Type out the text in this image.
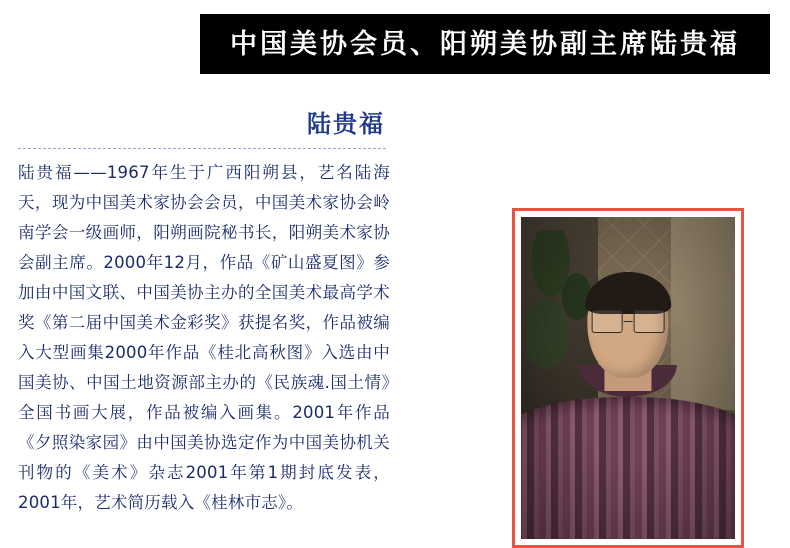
中国美协会员、阳朔美协副主席陆贵福
陆贵福
陆贵福——1967年生于广西阳朔县，艺名陆海天，现为中国美术家协会会员，中国美术家协会岭南学会一级画师，阳朔画院秘书长，阳朔美术家协会副主席。2000年12月，作品《矿山盛夏图》参加由中国文联、中国美协主办的全国美术最高学术奖《第二届中国美术金彩奖》获提名奖，作品被编入大型画集2000年作品《桂北高秋图》入选由中国美协、中国土地资源部主办的《民族魂.国土情》全国书画大展，作品被编入画集。2001年作品《夕照染家园》由中国美协选定作为中国美协机关刊物的《美术》杂志2001年第1期封底发表，2001年，艺术简历载入《桂林市志》。
